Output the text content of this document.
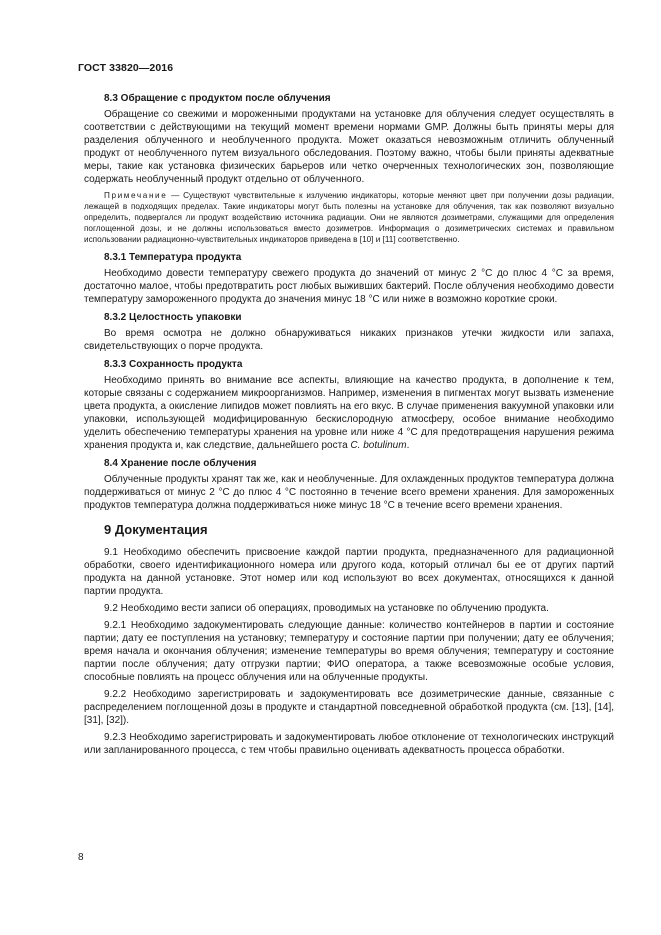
ГОСТ 33820—2016
8.3 Обращение с продуктом после облучения

Обращение со свежими и мороженными продуктами на установке для облучения следует осуществлять в соответствии с действующими на текущий момент времени нормами GMP. Должны быть приняты меры для разделения облученного и необлученного продукта. Может оказаться невозможным отличить облученный продукт от необлученного путем визуального обследования. Поэтому важно, чтобы были приняты адекватные меры, такие как установка физических барьеров или четко очерченных технологических зон, позволяющие содержать необлученный продукт отдельно от облученного.

Примечание — Существуют чувствительные к излучению индикаторы, которые меняют цвет при получении дозы радиации, лежащей в подходящих пределах. Такие индикаторы могут быть полезны на установке для облучения, так как позволяют визуально определить, подвергался ли продукт воздействию источника радиации. Они не являются дозиметрами, служащими для определения поглощенной дозы, и не должны использоваться вместо дозиметров. Информация о дозиметрических системах и правильном использовании радиационно-чувствительных индикаторов приведена в [10] и [11] соответственно.

8.3.1 Температура продукта

Необходимо довести температуру свежего продукта до значений от минус 2 °C до плюс 4 °C за время, достаточно малое, чтобы предотвратить рост любых выживших бактерий. После облучения необходимо довести температуру замороженного продукта до значения минус 18 °C или ниже в возможно короткие сроки.

8.3.2 Целостность упаковки

Во время осмотра не должно обнаруживаться никаких признаков утечки жидкости или запаха, свидетельствующих о порче продукта.

8.3.3 Сохранность продукта

Необходимо принять во внимание все аспекты, влияющие на качество продукта, в дополнение к тем, которые связаны с содержанием микроорганизмов. Например, изменения в пигментах могут вызвать изменение цвета продукта, а окисление липидов может повлиять на его вкус. В случае применения вакуумной упаковки или упаковки, использующей модифицированную бескислородную атмосферу, особое внимание необходимо уделить обеспечению температуры хранения на уровне или ниже 4 °C для предотвращения нарушения режима хранения продукта и, как следствие, дальнейшего роста C. botulinum.

8.4 Хранение после облучения

Облученные продукты хранят так же, как и необлученные. Для охлажденных продуктов температура должна поддерживаться от минус 2 °C до плюс 4 °C постоянно в течение всего времени хранения. Для замороженных продуктов температура должна поддерживаться ниже минус 18 °C в течение всего времени хранения.

9 Документация

9.1 Необходимо обеспечить присвоение каждой партии продукта, предназначенного для радиационной обработки, своего идентификационного номера или другого кода, который отличал бы ее от других партий продукта на данной установке. Этот номер или код используют во всех документах, относящихся к данной партии продукта.

9.2 Необходимо вести записи об операциях, проводимых на установке по облучению продукта.

9.2.1 Необходимо задокументировать следующие данные: количество контейнеров в партии и состояние партии; дату ее поступления на установку; температуру и состояние партии при получении; дату ее облучения; время начала и окончания облучения; изменение температуры во время облучения; температуру и состояние партии после облучения; дату отгрузки партии; ФИО оператора, а также всевозможные особые условия, способные повлиять на процесс облучения или на облученные продукты.

9.2.2 Необходимо зарегистрировать и задокументировать все дозиметрические данные, связанные с распределением поглощенной дозы в продукте и стандартной повседневной обработкой продукта (см. [13], [14], [31], [32]).

9.2.3 Необходимо зарегистрировать и задокументировать любое отклонение от технологических инструкций или запланированного процесса, с тем чтобы правильно оценивать адекватность процесса обработки.

8
